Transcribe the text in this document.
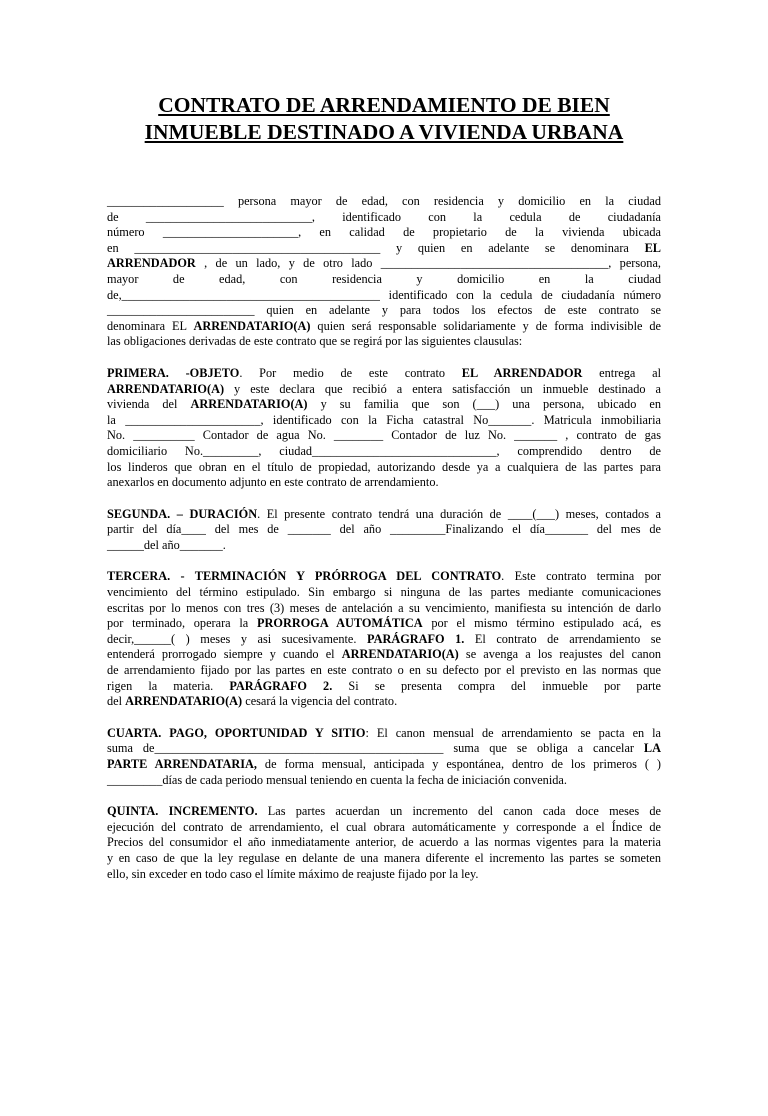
CONTRATO DE ARRENDAMIENTO DE BIEN
INMUEBLE DESTINADO A VIVIENDA URBANA

___________________ persona mayor de edad, con residencia y domicilio en la ciudad
de ___________________________, identificado con la cedula de ciudadanía
número ______________________, en calidad de propietario de la vivienda ubicada
en ________________________________________ y quien en adelante se denominara EL
ARRENDADOR , de un lado, y de otro lado _____________________________________, persona,
mayor de edad, con residencia y domicilio en la ciudad
de,__________________________________________ identificado con la cedula de ciudadanía número
________________________ quien en adelante y para todos los efectos de este contrato se
denominara EL ARRENDATARIO(A) quien será responsable solidariamente y de forma indivisible de
las obligaciones derivadas de este contrato que se regirá por las siguientes clausulas:

PRIMERA. -OBJETO. Por medio de este contrato EL ARRENDADOR entrega al
ARRENDATARIO(A) y este declara que recibió a entera satisfacción un inmueble destinado a
vivienda del ARRENDATARIO(A) y su familia que son (___) una persona, ubicado en
la ______________________, identificado con la Ficha catastral No_______. Matricula inmobiliaria
No. __________ Contador de agua No. ________ Contador de luz No. _______ , contrato de gas
domiciliario No._________, ciudad______________________________, comprendido dentro de
los linderos que obran en el título de propiedad, autorizando desde ya a cualquiera de las partes para
anexarlos en documento adjunto en este contrato de arrendamiento.

SEGUNDA. – DURACIÓN. El presente contrato tendrá una duración de ____(___) meses, contados a
partir del día____ del mes de _______ del año _________Finalizando el día_______ del mes de
______del año_______.

TERCERA. - TERMINACIÓN Y PRÓRROGA DEL CONTRATO. Este contrato termina por
vencimiento del término estipulado. Sin embargo si ninguna de las partes mediante comunicaciones
escritas por lo menos con tres (3) meses de antelación a su vencimiento, manifiesta su intención de darlo
por terminado, operara la PRORROGA AUTOMÁTICA por el mismo término estipulado acá, es
decir,______( ) meses y asi sucesivamente. PARÁGRAFO 1. El contrato de arrendamiento se
entenderá prorrogado siempre y cuando el ARRENDATARIO(A) se avenga a los reajustes del canon
de arrendamiento fijado por las partes en este contrato o en su defecto por el previsto en las normas que
rigen la materia. PARÁGRAFO 2. Si se presenta compra del inmueble por parte
del ARRENDATARIO(A) cesará la vigencia del contrato.

CUARTA. PAGO, OPORTUNIDAD Y SITIO: El canon mensual de arrendamiento se pacta en la
suma de_______________________________________________ suma que se obliga a cancelar LA
PARTE ARRENDATARIA, de forma mensual, anticipada y espontánea, dentro de los primeros ( )
_________días de cada periodo mensual teniendo en cuenta la fecha de iniciación convenida.

QUINTA. INCREMENTO. Las partes acuerdan un incremento del canon cada doce meses de
ejecución del contrato de arrendamiento, el cual obrara automáticamente y corresponde a el Índice de
Precios del consumidor el año inmediatamente anterior, de acuerdo a las normas vigentes para la materia
y en caso de que la ley regulase en delante de una manera diferente el incremento las partes se someten
ello, sin exceder en todo caso el límite máximo de reajuste fijado por la ley.
